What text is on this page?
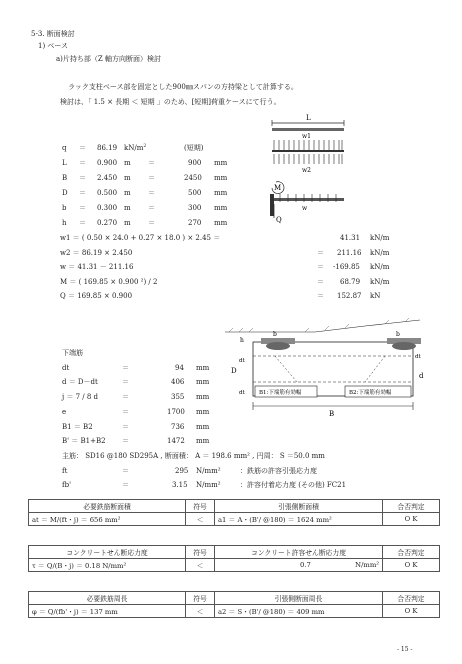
5-3. 断面検討
1) ベース
a)片持ち部（Z 軸方向断面）検討
ラック支柱ベース部を固定とした900㎜スパンの方持梁として計算する。
検討は、「 1.5 × 長期 ＜ 短期 」のため、[短期]荷重ケースにて行う。
q ＝ 86.19 $kN/m^2$	(短期)
L ＝ 0.900 m ＝	900 mm
B ＝ 2.450 m ＝	2450 mm
D ＝ 0.500 m ＝	500 mm
b ＝ 0.300 m ＝	300 mm
h ＝ 0.270 m ＝	270 mm
w1 ＝ ( 0.50 × 24.0 + 0.27 × 18.0 ) × 2.45 ＝	41.31 kN/m
w2 ＝ 86.19 × 2.450	＝ 211.16 kN/m
w ＝ 41.31 － 211.16	＝ -169.85 kN/m
M ＝ ( 169.85 × 0.900 ²) / 2	＝ 68.79 kN/m
Q ＝ 169.85 × 0.900	＝ 152.87 kN
L
w1
w2
M
w
Q
b	b
h
dt
dt
D
d
dt	B1:下端筋有効幅	B2:下端筋有効幅
B
下端筋
dt	＝	94 mm
d ＝ D－dt	＝	406 mm
j ＝ 7 / 8 d	＝	355 mm
e	＝	1700 mm
B1 ＝ B2	＝	736 mm
B' ＝ B1+B2 ＝	1472 mm
主筋： SD16 @180 SD295A , 断面積： A ＝ 198.6 mm² , 円周： S ＝50.0 mm
ft	＝	295 N/mm²	：鉄筋の許容引張応力度
fb'	＝	3.15 N/mm²	：許容付着応力度 (その他) FC21
必要鉄筋断面積	符号	引張側断面積	合否判定
at ＝ M/(ft・j) ＝ 656 mm²	＜	a1 ＝ A・(B'/ @180) ＝ 1624 mm²	O K
コンクリートせん断応力度	符号	コンクリート許容せん断応力度	合否判定
τ ＝ Q/(B・j) ＝ 0.18 N/mm²	＜	0.7 N/mm²	O K
必要鉄筋周長	符号	引張側断面周長	合否判定
φ ＝ Q/(fb'・j) ＝ 137 mm	＜	a2 ＝ S・(B'/ @180) ＝ 409 mm	O K
- 15 -
